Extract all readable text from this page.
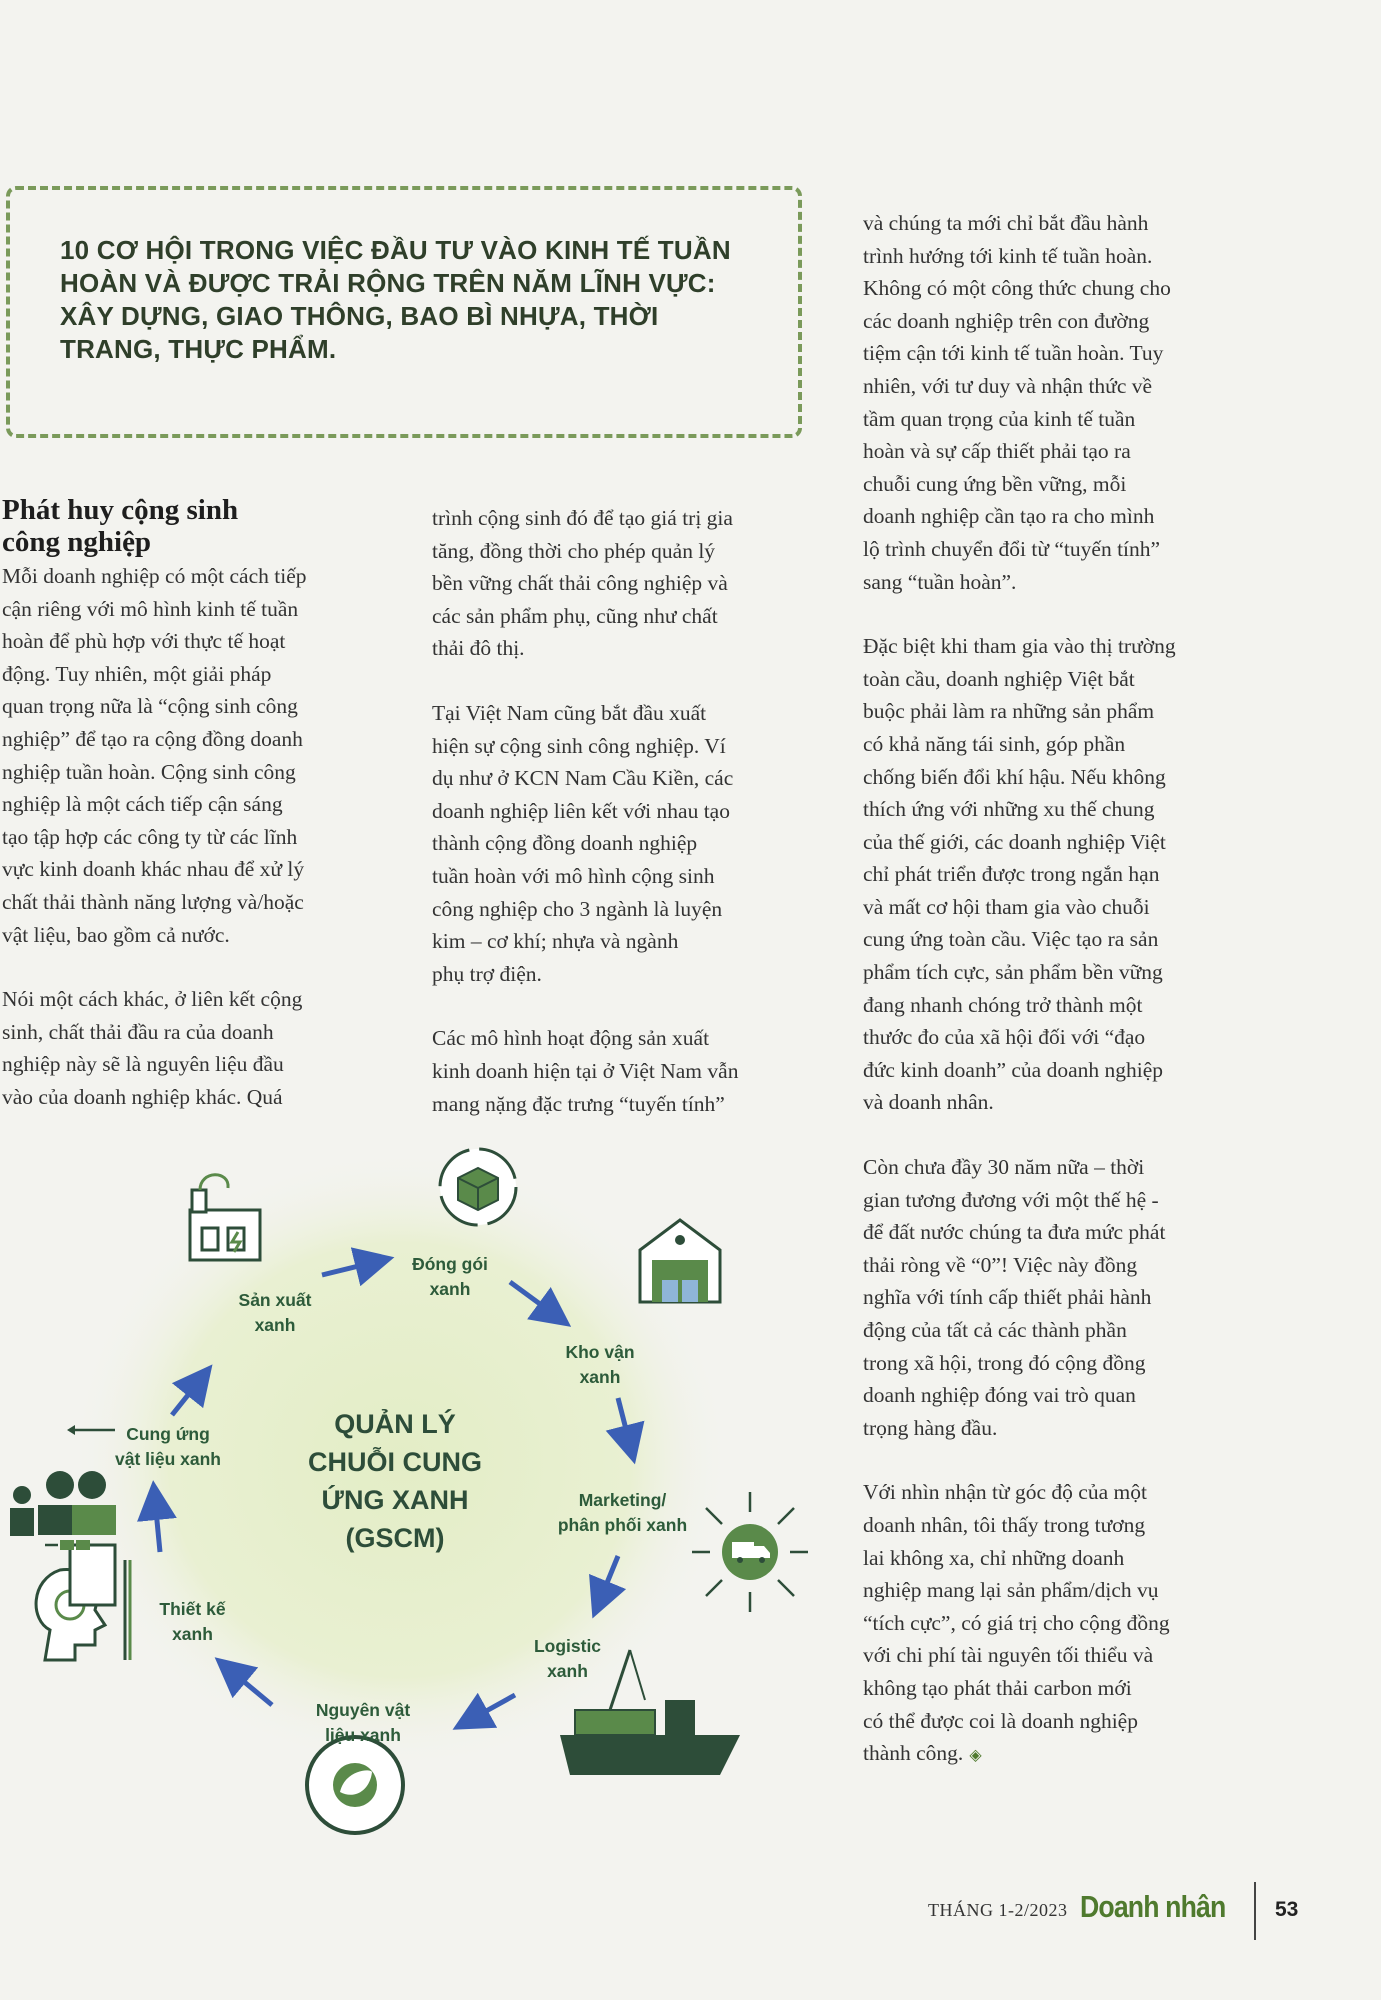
10 CƠ HỘI TRONG VIỆC ĐẦU TƯ VÀO KINH TẾ TUẦN HOÀN VÀ ĐƯỢC TRẢI RỘNG TRÊN NĂM LĨNH VỰC: XÂY DỰNG, GIAO THÔNG, BAO BÌ NHỰA, THỜI TRANG, THỰC PHẨM.

Phát huy cộng sinh
công nghiệp

Mỗi doanh nghiệp có một cách tiếp
cận riêng với mô hình kinh tế tuần
hoàn để phù hợp với thực tế hoạt
động. Tuy nhiên, một giải pháp
quan trọng nữa là “cộng sinh công
nghiệp” để tạo ra cộng đồng doanh
nghiệp tuần hoàn. Cộng sinh công
nghiệp là một cách tiếp cận sáng
tạo tập hợp các công ty từ các lĩnh
vực kinh doanh khác nhau để xử lý
chất thải thành năng lượng và/hoặc
vật liệu, bao gồm cả nước.

Nói một cách khác, ở liên kết cộng
sinh, chất thải đầu ra của doanh
nghiệp này sẽ là nguyên liệu đầu
vào của doanh nghiệp khác. Quá

trình cộng sinh đó để tạo giá trị gia
tăng, đồng thời cho phép quản lý
bền vững chất thải công nghiệp và
các sản phẩm phụ, cũng như chất
thải đô thị.

Tại Việt Nam cũng bắt đầu xuất
hiện sự cộng sinh công nghiệp. Ví
dụ như ở KCN Nam Cầu Kiền, các
doanh nghiệp liên kết với nhau tạo
thành cộng đồng doanh nghiệp
tuần hoàn với mô hình cộng sinh
công nghiệp cho 3 ngành là luyện
kim – cơ khí; nhựa và ngành
phụ trợ điện.

Các mô hình hoạt động sản xuất
kinh doanh hiện tại ở Việt Nam vẫn
mang nặng đặc trưng “tuyến tính”

và chúng ta mới chỉ bắt đầu hành
trình hướng tới kinh tế tuần hoàn.
Không có một công thức chung cho
các doanh nghiệp trên con đường
tiệm cận tới kinh tế tuần hoàn. Tuy
nhiên, với tư duy và nhận thức về
tầm quan trọng của kinh tế tuần
hoàn và sự cấp thiết phải tạo ra
chuỗi cung ứng bền vững, mỗi
doanh nghiệp cần tạo ra cho mình
lộ trình chuyển đổi từ “tuyến tính”
sang “tuần hoàn”.

Đặc biệt khi tham gia vào thị trường
toàn cầu, doanh nghiệp Việt bắt
buộc phải làm ra những sản phẩm
có khả năng tái sinh, góp phần
chống biến đổi khí hậu. Nếu không
thích ứng với những xu thế chung
của thế giới, các doanh nghiệp Việt
chỉ phát triển được trong ngắn hạn
và mất cơ hội tham gia vào chuỗi
cung ứng toàn cầu. Việc tạo ra sản
phẩm tích cực, sản phẩm bền vững
đang nhanh chóng trở thành một
thước đo của xã hội đối với “đạo
đức kinh doanh” của doanh nghiệp
và doanh nhân.

Còn chưa đầy 30 năm nữa – thời
gian tương đương với một thế hệ -
để đất nước chúng ta đưa mức phát
thải ròng về “0”! Việc này đồng
nghĩa với tính cấp thiết phải hành
động của tất cả các thành phần
trong xã hội, trong đó cộng đồng
doanh nghiệp đóng vai trò quan
trọng hàng đầu.

Với nhìn nhận từ góc độ của một
doanh nhân, tôi thấy trong tương
lai không xa, chỉ những doanh
nghiệp mang lại sản phẩm/dịch vụ
“tích cực”, có giá trị cho cộng đồng
với chi phí tài nguyên tối thiểu và
không tạo phát thải carbon mới
có thể được coi là doanh nghiệp
thành công. ◈

QUẢN LÝ
CHUỖI CUNG
ỨNG XANH
(GSCM)
Sản xuất
xanh
Đóng gói
xanh
Kho vận
xanh
Marketing/
phân phối xanh
Logistic
xanh
Nguyên vật
liệu xanh
Thiết kế
xanh
Cung ứng
vật liệu xanh
THÁNG 1-2/2023 Doanh nhân 53
